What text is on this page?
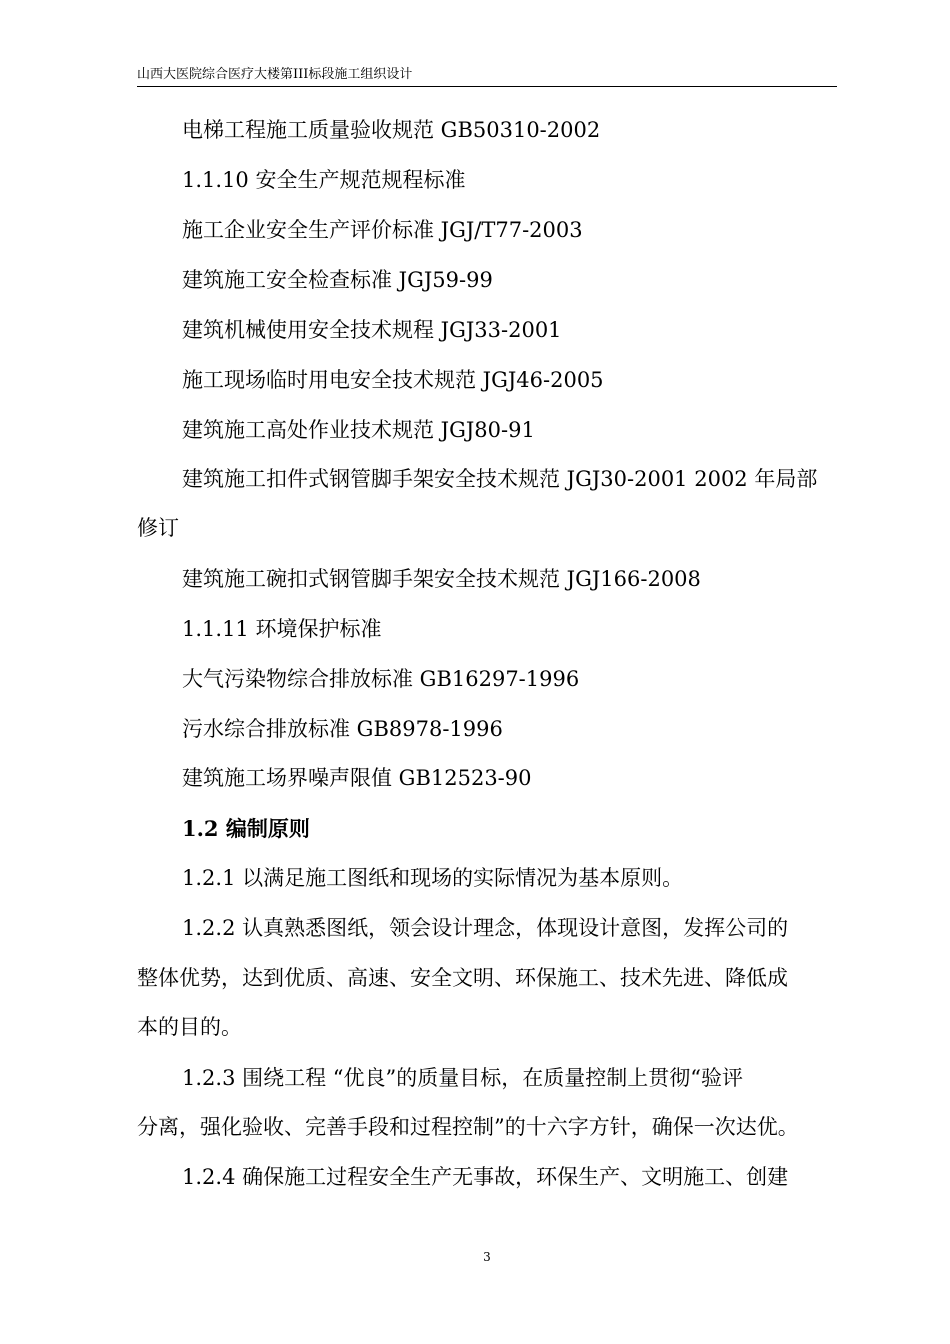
山西大医院综合医疗大楼第III标段施工组织设计
电梯工程施工质量验收规范 GB50310-2002
1.1.10 安全生产规范规程标准
施工企业安全生产评价标准 JGJ/T77-2003
建筑施工安全检查标准 JGJ59-99
建筑机械使用安全技术规程 JGJ33-2001
施工现场临时用电安全技术规范 JGJ46-2005
建筑施工高处作业技术规范 JGJ80-91
建筑施工扣件式钢管脚手架安全技术规范 JGJ30-2001 2002 年局部
修订
建筑施工碗扣式钢管脚手架安全技术规范 JGJ166-2008
1.1.11 环境保护标准
大气污染物综合排放标准 GB16297-1996
污水综合排放标准 GB8978-1996
建筑施工场界噪声限值 GB12523-90
1.2 编制原则
1.2.1 以满足施工图纸和现场的实际情况为基本原则。
1.2.2 认真熟悉图纸，领会设计理念，体现设计意图，发挥公司的
整体优势，达到优质、高速、安全文明、环保施工、技术先进、降低成
本的目的。
1.2.3 围绕工程 “优良”的质量目标，在质量控制上贯彻“验评
分离，强化验收、完善手段和过程控制”的十六字方针，确保一次达优。
1.2.4 确保施工过程安全生产无事故，环保生产、文明施工、创建
3
